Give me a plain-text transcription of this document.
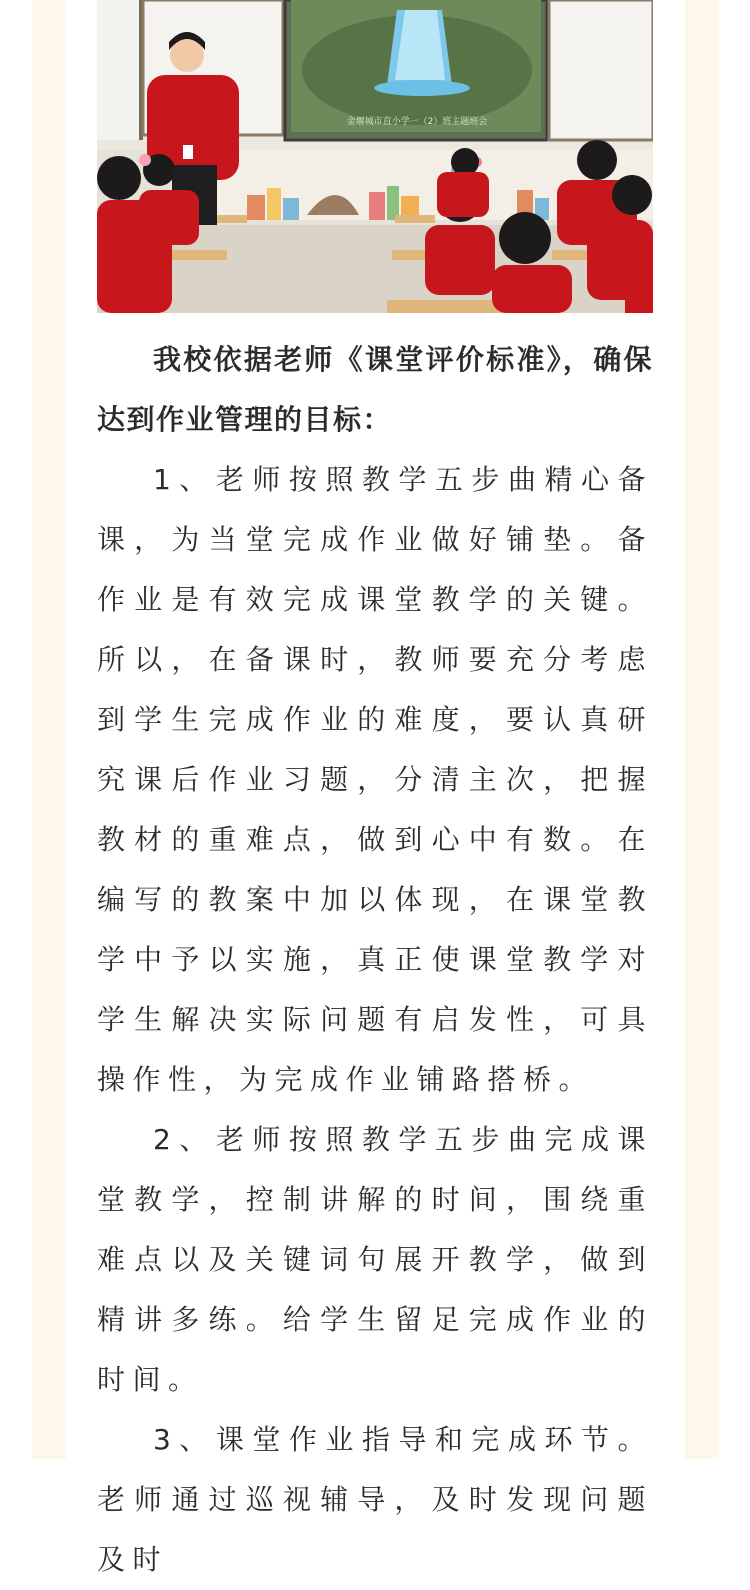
金堰城市直小学一（2）班主题班会

我校依据老师《课堂评价标准》，确保达到作业管理的目标：

1、老师按照教学五步曲精心备课，为当堂完成作业做好铺垫。备作业是有效完成课堂教学的关键。所以，在备课时，教师要充分考虑到学生完成作业的难度，要认真研究课后作业习题，分清主次，把握教材的重难点，做到心中有数。在编写的教案中加以体现，在课堂教学中予以实施，真正使课堂教学对学生解决实际问题有启发性，可具操作性，为完成作业铺路搭桥。

2、老师按照教学五步曲完成课堂教学，控制讲解的时间，围绕重难点以及关键词句展开教学，做到精讲多练。给学生留足完成作业的时间。

3、课堂作业指导和完成环节。老师通过巡视辅导，及时发现问题及时
